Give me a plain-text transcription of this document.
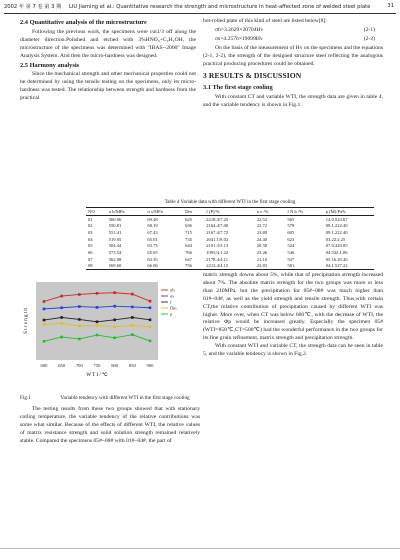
2002 年 第 7 卷 第 3 期 LIU Jiaming et al.: Quantitative research the strength and microstructure in heat-affected zone of welded steel plate	31
2.4 Quantitative analysis of the microstructure

Following the previous work, the specimens were cut1/3 off along the diameter direction.Polished and etched with 3%HNO₃+C₂H₅OH, the microstructure of the specimens was determined with "IBAS--2000" Image Analysis System. And then the micro-hardness was designed.

2.5 Harmony analysis

Since the mechanical strength and other mechanical properties could not be determined by using the tensile testing on the specimens, only its micro-hardness was tested. The relationship between strength and hardness from the practical

hot-rolled plate of this kind of steel are listed below[8]:

σb=3.2629×20704Hv	(2-1)
σs=4.2576×19099Hv	(2-2)

On the basis of the measurement of Hv on the specimens and the equations (2-1, 2-2), the strength of the designed structure steel reflecting the analogous practical producing procedures could be obtained.

3 RESULTS & DISCUSSION
3.1 The first stage cooling

With constant CT and variable WTI, the strength data are given in table 4, and the variable tendency is shown in Fig.1.

Table 4 Variable data with different WTI in the first stage cooling
NO	σ b/MPa	σ s/MPa	Dm	f (P)/%	n e /%	f N b /%	ρ (M)/Pa%
01	560.06	69.48	625	2218.4/7.25	22.52	565	14.0.524.67
02	550.81	68.19	636	2164.4/7.00	22.72	578	09.1.222.40
03	551.41	67.43	715	2167.4/7.72	23.80	605	09.1.222.40
04	519.05	65.01	735	2041.1/8.02	24.40	623	03.22.2.25
05	504.44	63.75	644	2101.3/3.13	20.58	524	07.0.420.05
06	573.54	65.05	766	1095/4.1.22	23.46	546	04.532.1.06
07	562.08	63.35	647	2178.4/4.11	21.10	537	05.16.20.40
08	569.60	66.06	756	2213.4/4.15	22.83	581	04.1.527.22
S t r e n g t h
W T I / ℃
σb
σs
f
Dm
ρ
600 650 700 750 800 850 900
Fig.1	Variable tendency with different WTI in the first stage cooling

The testing results from these two groups showed that with stationary colling temperature, the variable tendency of the relative contributions was some what similar. Because of the effects of different WTI, the relative values of matrix resistance strength and solid solution strength remained relatively stable. Compared the specimens 05#~08# with 01#~04#, the part of

matrix strength downs about 5%, while that of precipitation strength increased about 7%. The absolute matrix strength for the two groups was more or less than 210MPa, but the precipitation for 05#~08# was much higher than 01#~04#, as well as the yield strength and tensile strength. Thus,with certain CT,the relative contribution of precipitation caused by different WTI was higher. More over, when CT was below 600℃, with the decrease of WTI, the relative Φp would be increased greatly. Especially the specimen 05# (WTI=850℃,CT=500℃) had the wonderful performance in the two groups for its fine grain refinement, matrix strength and precipitation strength.

With constant WTI and variable CT, the strength data can be seen in table 5, and the variable tendency is shown in Fig.2.
